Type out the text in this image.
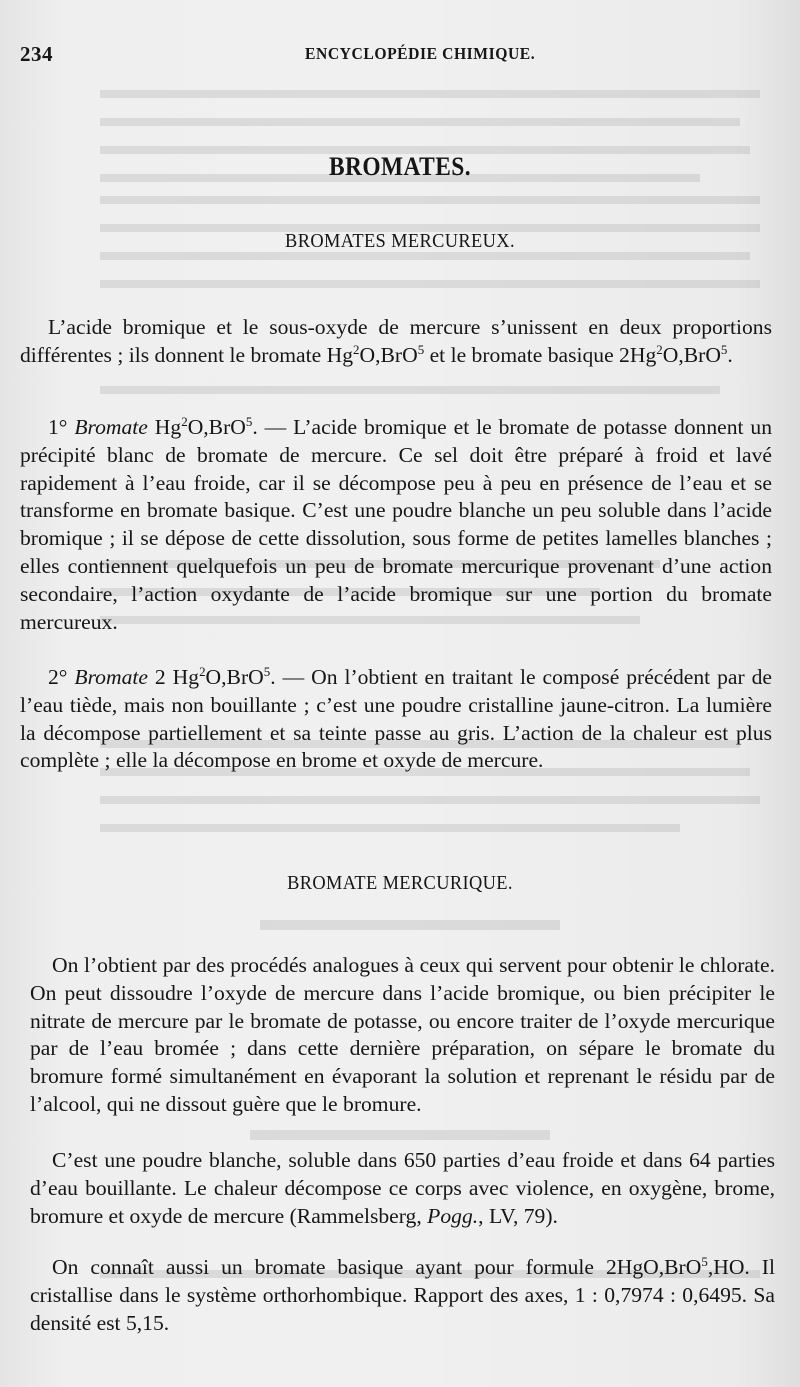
234	ENCYCLOPÉDIE CHIMIQUE.
BROMATES.
BROMATES MERCUREUX.

L’acide bromique et le sous-oxyde de mercure s’unissent en deux proportions différentes ; ils donnent le bromate Hg$^2$O,BrO$^5$ et le bromate basique 2Hg$^2$O,BrO$^5$.

1° Bromate Hg$^2$O,BrO$^5$. — L’acide bromique et le bromate de potasse donnent un précipité blanc de bromate de mercure. Ce sel doit être préparé à froid et lavé rapidement à l’eau froide, car il se décompose peu à peu en présence de l’eau et se transforme en bromate basique. C’est une poudre blanche un peu soluble dans l’acide bromique ; il se dépose de cette dissolution, sous forme de petites lamelles blanches ; elles contiennent quelquefois un peu de bromate mercurique provenant d’une action secondaire, l’action oxydante de l’acide bromique sur une portion du bromate mercureux.

2° Bromate 2 Hg$^2$O,BrO$^5$. — On l’obtient en traitant le composé précédent par de l’eau tiède, mais non bouillante ; c’est une poudre cristalline jaune-citron. La lumière la décompose partiellement et sa teinte passe au gris. L’action de la chaleur est plus complète ; elle la décompose en brome et oxyde de mercure.

BROMATE MERCURIQUE.

On l’obtient par des procédés analogues à ceux qui servent pour obtenir le chlorate. On peut dissoudre l’oxyde de mercure dans l’acide bromique, ou bien précipiter le nitrate de mercure par le bromate de potasse, ou encore traiter de l’oxyde mercurique par de l’eau bromée ; dans cette dernière préparation, on sépare le bromate du bromure formé simultanément en évaporant la solution et reprenant le résidu par de l’alcool, qui ne dissout guère que le bromure.

C’est une poudre blanche, soluble dans 650 parties d’eau froide et dans 64 parties d’eau bouillante. Le chaleur décompose ce corps avec violence, en oxygène, brome, bromure et oxyde de mercure (Rammelsberg, Pogg., LV, 79).

On connaît aussi un bromate basique ayant pour formule 2HgO,BrO$^5$,HO. Il cristallise dans le système orthorhombique. Rapport des axes, 1 : 0,7974 : 0,6495. Sa densité est 5,15.
